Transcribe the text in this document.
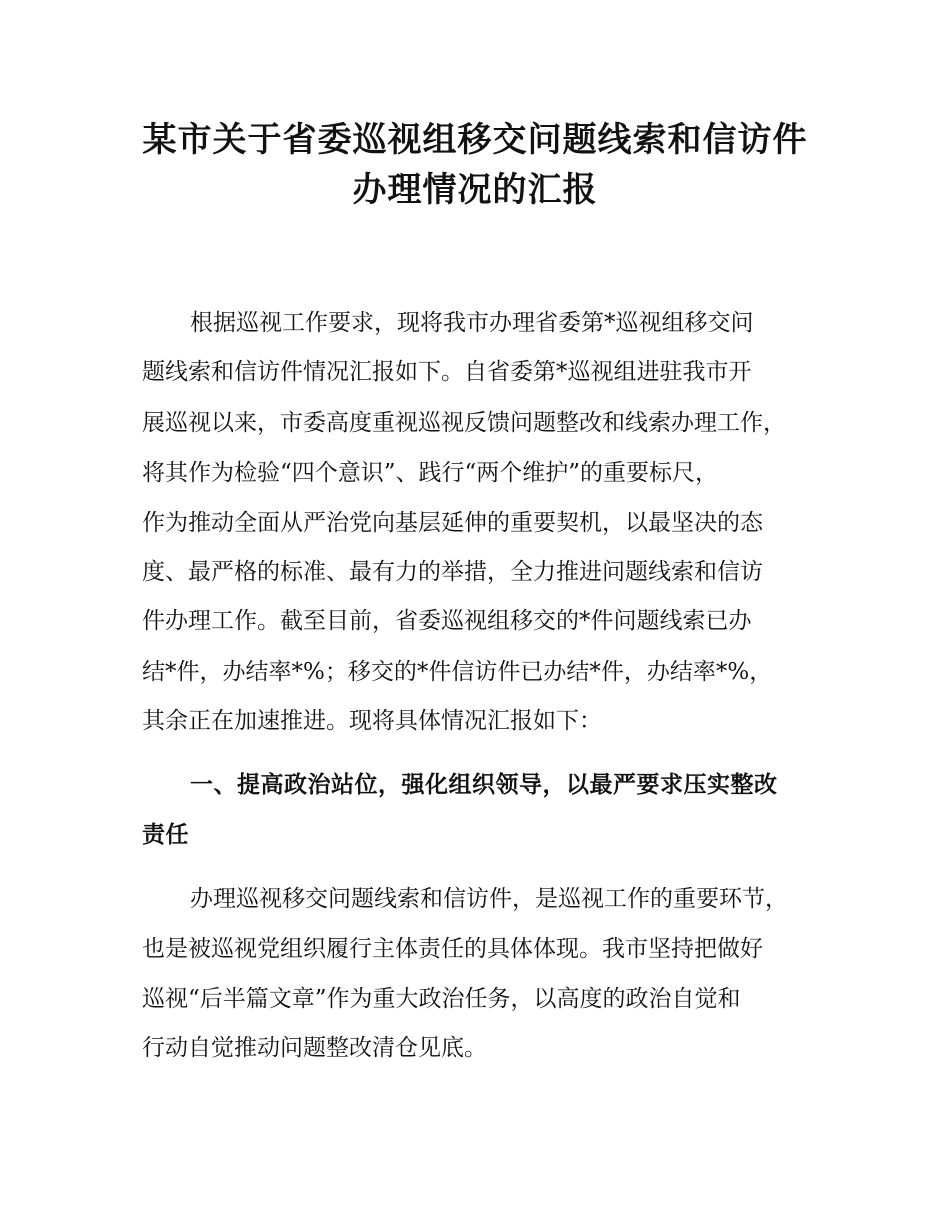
某市关于省委巡视组移交问题线索和信访件
办理情况的汇报
根据巡视工作要求，现将我市办理省委第*巡视组移交问
题线索和信访件情况汇报如下。自省委第*巡视组进驻我市开
展巡视以来，市委高度重视巡视反馈问题整改和线索办理工作，
将其作为检验“四个意识”、践行“两个维护”的重要标尺，
作为推动全面从严治党向基层延伸的重要契机，以最坚决的态
度、最严格的标准、最有力的举措，全力推进问题线索和信访
件办理工作。截至目前，省委巡视组移交的*件问题线索已办
结*件，办结率*%；移交的*件信访件已办结*件，办结率*%，
其余正在加速推进。现将具体情况汇报如下：
一、提高政治站位，强化组织领导，以最严要求压实整改
责任
办理巡视移交问题线索和信访件，是巡视工作的重要环节，
也是被巡视党组织履行主体责任的具体体现。我市坚持把做好
巡视“后半篇文章”作为重大政治任务，以高度的政治自觉和
行动自觉推动问题整改清仓见底。
